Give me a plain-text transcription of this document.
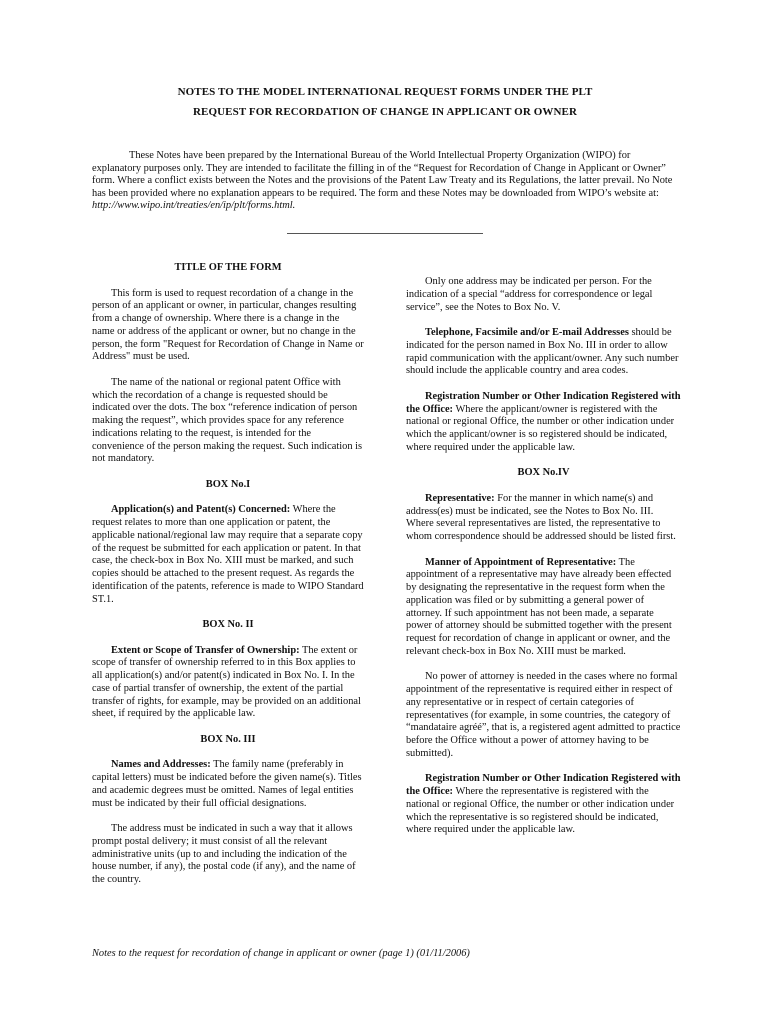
NOTES TO THE MODEL INTERNATIONAL REQUEST FORMS UNDER THE PLT
REQUEST FOR RECORDATION OF CHANGE IN APPLICANT OR OWNER

These Notes have been prepared by the International Bureau of the World Intellectual Property Organization (WIPO) for explanatory purposes only. They are intended to facilitate the filling in of the “Request for Recordation of Change in Applicant or Owner” form. Where a conflict exists between the Notes and the provisions of the Patent Law Treaty and its Regulations, the latter prevail. No Note has been provided where no explanation appears to be required. The form and these Notes may be downloaded from WIPO’s website at: http://www.wipo.int/treaties/en/ip/plt/forms.html.

TITLE OF THE FORM

This form is used to request recordation of a change in the person of an applicant or owner, in particular, changes resulting from a change of ownership. Where there is a change in the name or address of the applicant or owner, but no change in the person, the form "Request for Recordation of Change in Name or Address" must be used.

The name of the national or regional patent Office with which the recordation of a change is requested should be indicated over the dots. The box “reference indication of person making the request”, which provides space for any reference indications relating to the request, is intended for the convenience of the person making the request. Such indication is not mandatory.

BOX No.I

Application(s) and Patent(s) Concerned: Where the request relates to more than one application or patent, the applicable national/regional law may require that a separate copy of the request be submitted for each application or patent. In that case, the check-box in Box No. XIII must be marked, and such copies should be attached to the present request. As regards the identification of the patents, reference is made to WIPO Standard ST.1.

BOX No. II

Extent or Scope of Transfer of Ownership: The extent or scope of transfer of ownership referred to in this Box applies to all application(s) and/or patent(s) indicated in Box No. I. In the case of partial transfer of ownership, the extent of the partial transfer of rights, for example, may be provided on an additional sheet, if required by the applicable law.

BOX No. III

Names and Addresses: The family name (preferably in capital letters) must be indicated before the given name(s). Titles and academic degrees must be omitted. Names of legal entities must be indicated by their full official designations.

The address must be indicated in such a way that it allows prompt postal delivery; it must consist of all the relevant administrative units (up to and including the indication of the house number, if any), the postal code (if any), and the name of the country.

Only one address may be indicated per person. For the indication of a special “address for correspondence or legal service”, see the Notes to Box No. V.

Telephone, Facsimile and/or E-mail Addresses should be indicated for the person named in Box No. III in order to allow rapid communication with the applicant/owner. Any such number should include the applicable country and area codes.

Registration Number or Other Indication Registered with the Office: Where the applicant/owner is registered with the national or regional Office, the number or other indication under which the applicant/owner is so registered should be indicated, where required under the applicable law.

BOX No.IV

Representative: For the manner in which name(s) and address(es) must be indicated, see the Notes to Box No. III. Where several representatives are listed, the representative to whom correspondence should be addressed should be listed first.

Manner of Appointment of Representative: The appointment of a representative may have already been effected by designating the representative in the request form when the application was filed or by submitting a general power of attorney. If such appointment has not been made, a separate power of attorney should be submitted together with the present request for recordation of change in applicant or owner, and the relevant check-box in Box No. XIII must be marked.

No power of attorney is needed in the cases where no formal appointment of the representative is required either in respect of any representative or in respect of certain categories of representatives (for example, in some countries, the category of “mandataire agréé”, that is, a registered agent admitted to practice before the Office without a power of attorney having to be submitted).

Registration Number or Other Indication Registered with the Office: Where the representative is registered with the national or regional Office, the number or other indication under which the representative is so registered should be indicated, where required under the applicable law.

Notes to the request for recordation of change in applicant or owner (page 1) (01/11/2006)
